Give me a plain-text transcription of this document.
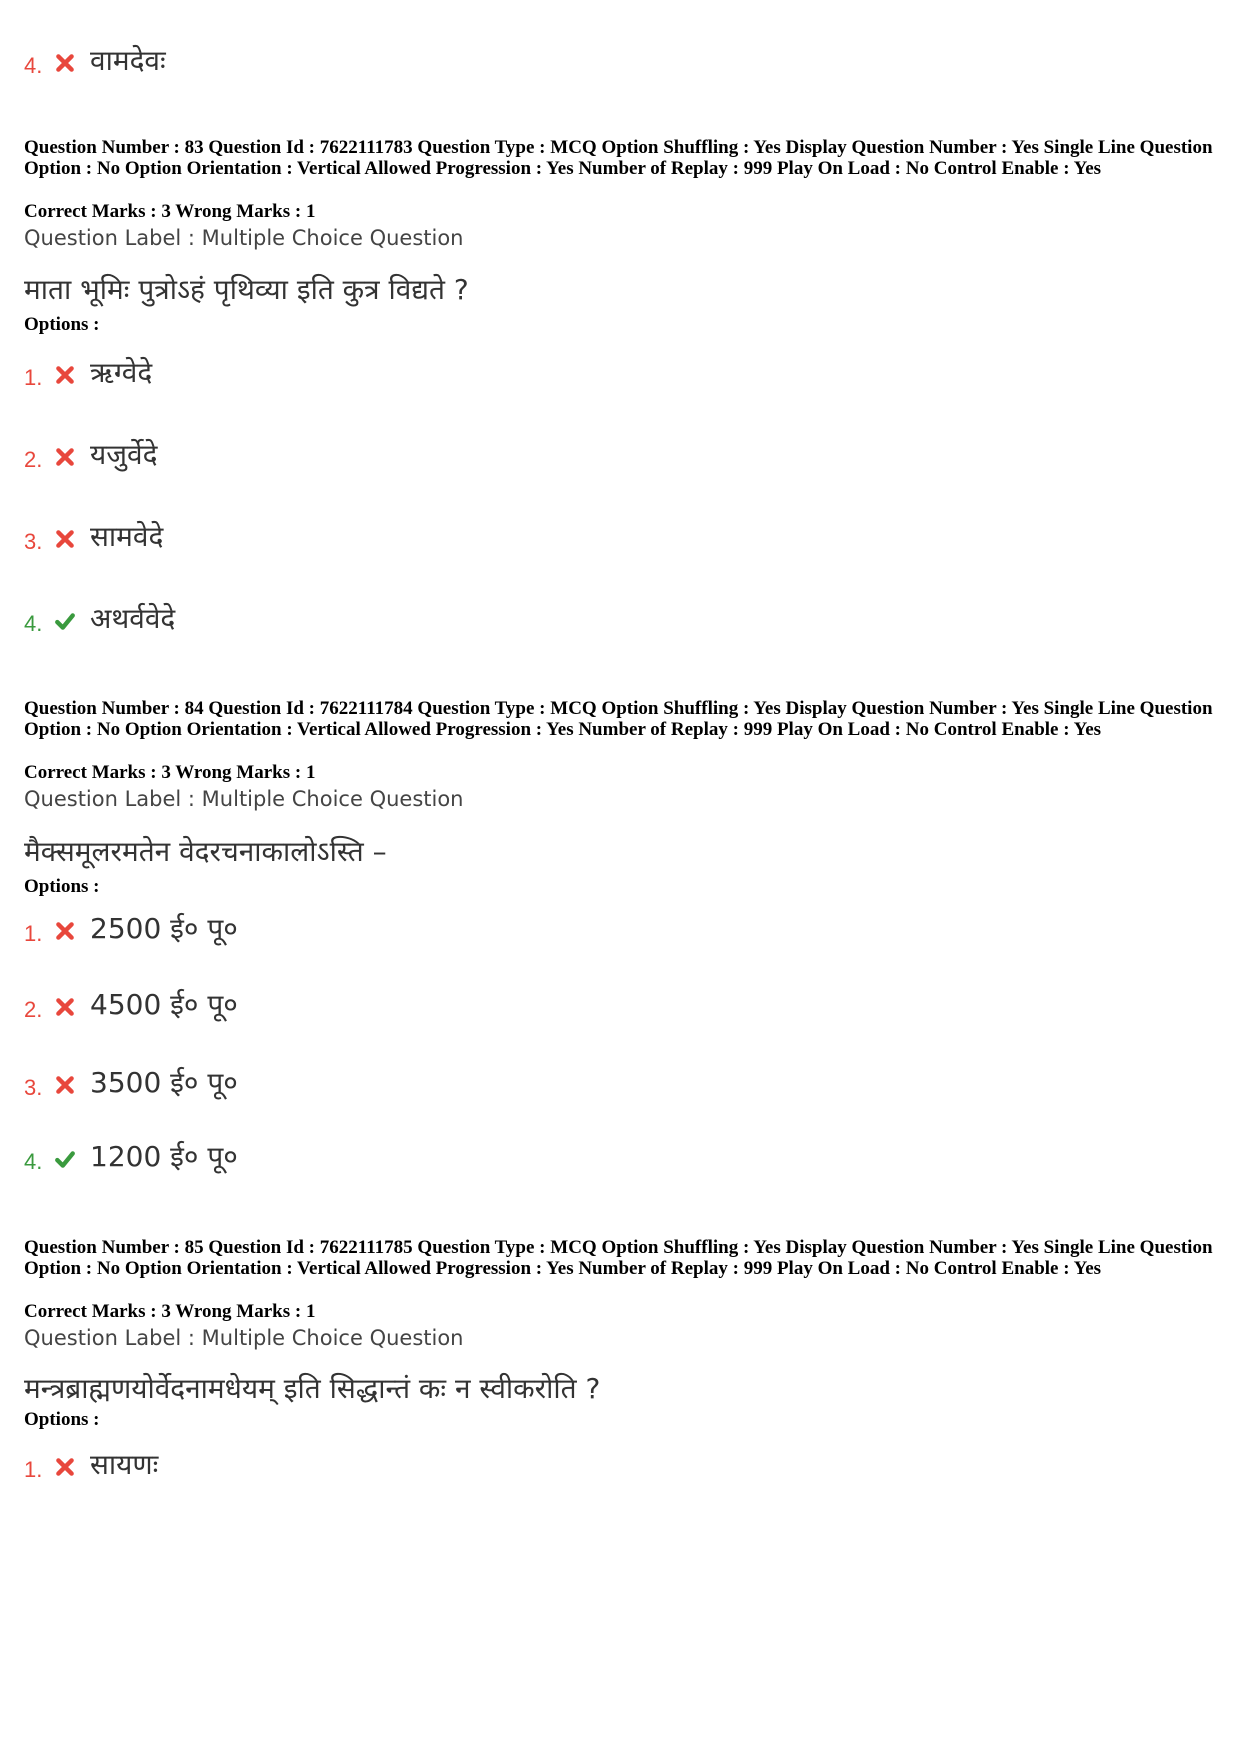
4.	वामदेवः
Question Number : 83 Question Id : 7622111783 Question Type : MCQ Option Shuffling : Yes Display Question Number : Yes Single Line Question Option : No Option Orientation : Vertical Allowed Progression : Yes Number of Replay : 999 Play On Load : No Control Enable : Yes
Correct Marks : 3 Wrong Marks : 1
Question Label : Multiple Choice Question
माता भूमिः पुत्रोऽहं पृथिव्या इति कुत्र विद्यते ?
Options :
1.	ऋग्वेदे
2.	यजुर्वेदे
3.	सामवेदे
4.	अथर्ववेदे
Question Number : 84 Question Id : 7622111784 Question Type : MCQ Option Shuffling : Yes Display Question Number : Yes Single Line Question Option : No Option Orientation : Vertical Allowed Progression : Yes Number of Replay : 999 Play On Load : No Control Enable : Yes
Correct Marks : 3 Wrong Marks : 1
Question Label : Multiple Choice Question
मैक्समूलरमतेन वेदरचनाकालोऽस्ति –
Options :
1.	2500 ई० पू०
2.	4500 ई० पू०
3.	3500 ई० पू०
4.	1200 ई० पू०
Question Number : 85 Question Id : 7622111785 Question Type : MCQ Option Shuffling : Yes Display Question Number : Yes Single Line Question Option : No Option Orientation : Vertical Allowed Progression : Yes Number of Replay : 999 Play On Load : No Control Enable : Yes
Correct Marks : 3 Wrong Marks : 1
Question Label : Multiple Choice Question
मन्त्रब्राह्मणयोर्वेदनामधेयम् इति सिद्धान्तं कः न स्वीकरोति ?
Options :
1.	सायणः
